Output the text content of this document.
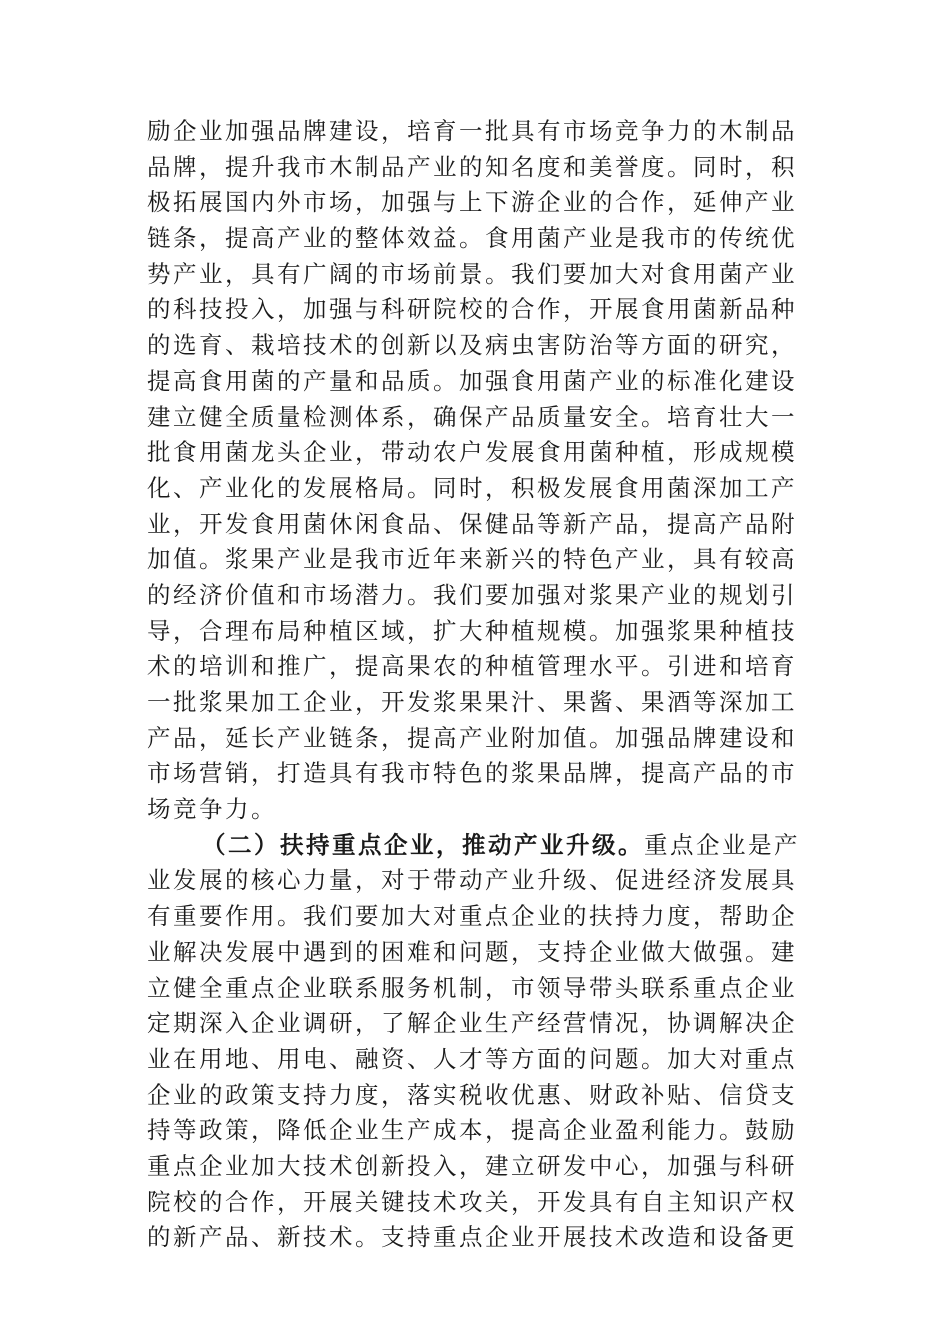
励企业加强品牌建设，培育一批具有市场竞争力的木制品
品牌，提升我市木制品产业的知名度和美誉度。同时，积
极拓展国内外市场，加强与上下游企业的合作，延伸产业
链条，提高产业的整体效益。食用菌产业是我市的传统优
势产业，具有广阔的市场前景。我们要加大对食用菌产业
的科技投入，加强与科研院校的合作，开展食用菌新品种
的选育、栽培技术的创新以及病虫害防治等方面的研究，
提高食用菌的产量和品质。加强食用菌产业的标准化建设
建立健全质量检测体系，确保产品质量安全。培育壮大一
批食用菌龙头企业，带动农户发展食用菌种植，形成规模
化、产业化的发展格局。同时，积极发展食用菌深加工产
业，开发食用菌休闲食品、保健品等新产品，提高产品附
加值。浆果产业是我市近年来新兴的特色产业，具有较高
的经济价值和市场潜力。我们要加强对浆果产业的规划引
导，合理布局种植区域，扩大种植规模。加强浆果种植技
术的培训和推广，提高果农的种植管理水平。引进和培育
一批浆果加工企业，开发浆果果汁、果酱、果酒等深加工
产品，延长产业链条，提高产业附加值。加强品牌建设和
市场营销，打造具有我市特色的浆果品牌，提高产品的市
场竞争力。
（二）扶持重点企业，推动产业升级。重点企业是产
业发展的核心力量，对于带动产业升级、促进经济发展具
有重要作用。我们要加大对重点企业的扶持力度，帮助企
业解决发展中遇到的困难和问题，支持企业做大做强。建
立健全重点企业联系服务机制，市领导带头联系重点企业
定期深入企业调研，了解企业生产经营情况，协调解决企
业在用地、用电、融资、人才等方面的问题。加大对重点
企业的政策支持力度，落实税收优惠、财政补贴、信贷支
持等政策，降低企业生产成本，提高企业盈利能力。鼓励
重点企业加大技术创新投入，建立研发中心，加强与科研
院校的合作，开展关键技术攻关，开发具有自主知识产权
的新产品、新技术。支持重点企业开展技术改造和设备更
